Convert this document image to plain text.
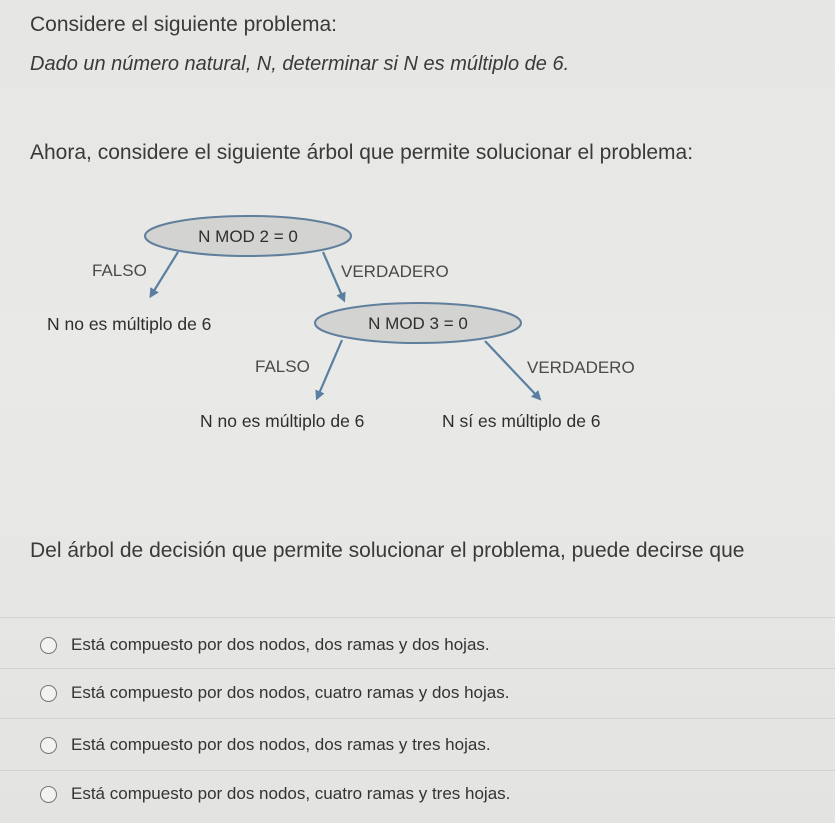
Considere el siguiente problema:
Dado un número natural, N, determinar si N es múltiplo de 6.
Ahora, considere el siguiente árbol que permite solucionar el problema:
N MOD 2 = 0
FALSO	VERDADERO
N no es múltiplo de 6	N MOD 3 = 0
FALSO	VERDADERO
N no es múltiplo de 6	N sí es múltiplo de 6
Del árbol de decisión que permite solucionar el problema, puede decirse que
Está compuesto por dos nodos, dos ramas y dos hojas.
Está compuesto por dos nodos, cuatro ramas y dos hojas.
Está compuesto por dos nodos, dos ramas y tres hojas.
Está compuesto por dos nodos, cuatro ramas y tres hojas.
